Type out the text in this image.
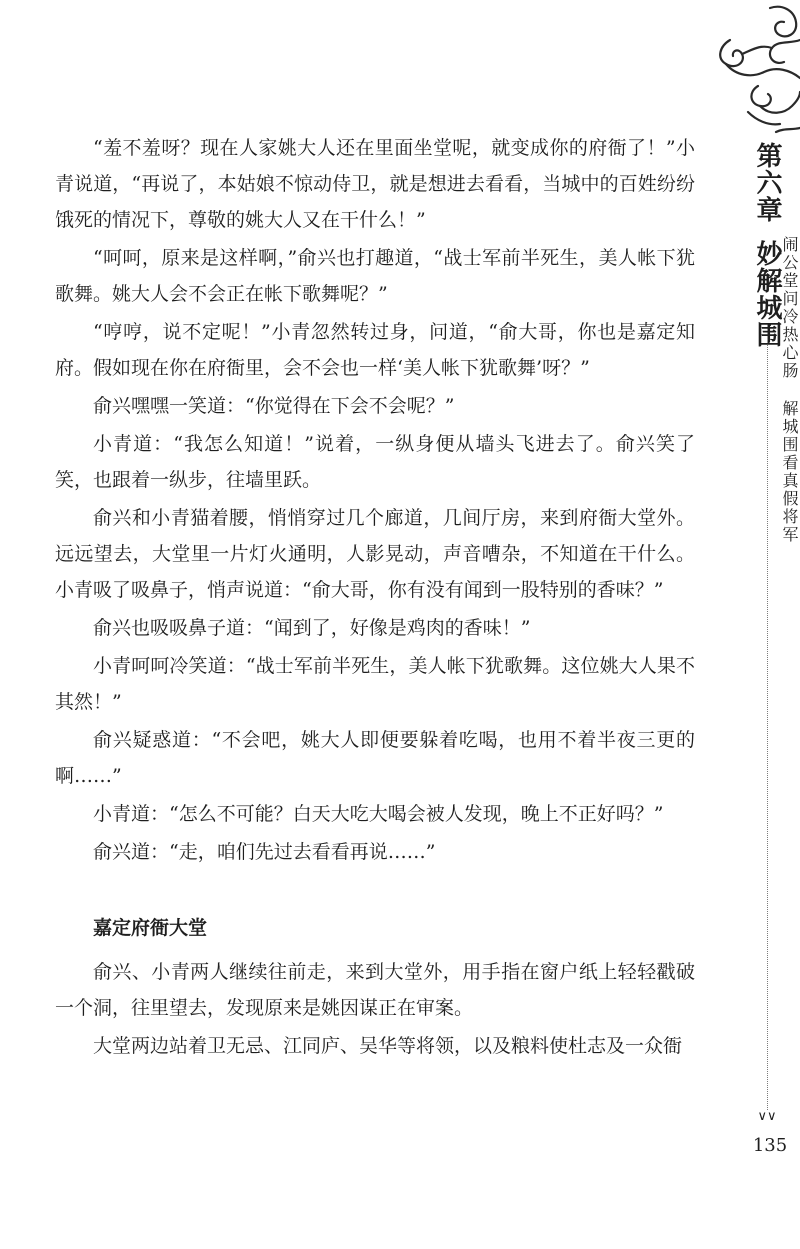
“羞不羞呀？现在人家姚大人还在里面坐堂呢，就变成你的府衙了！”小青说道，“再说了，本姑娘不惊动侍卫，就是想进去看看，当城中的百姓纷纷饿死的情况下，尊敬的姚大人又在干什么！”

“呵呵，原来是这样啊，”俞兴也打趣道，“战士军前半死生，美人帐下犹歌舞。姚大人会不会正在帐下歌舞呢？”

“哼哼，说不定呢！”小青忽然转过身，问道，“俞大哥，你也是嘉定知府。假如现在你在府衙里，会不会也一样‘美人帐下犹歌舞’呀？”

俞兴嘿嘿一笑道：“你觉得在下会不会呢？”

小青道：“我怎么知道！”说着，一纵身便从墙头飞进去了。俞兴笑了笑，也跟着一纵步，往墙里跃。

俞兴和小青猫着腰，悄悄穿过几个廊道，几间厅房，来到府衙大堂外。远远望去，大堂里一片灯火通明，人影晃动，声音嘈杂，不知道在干什么。小青吸了吸鼻子，悄声说道：“俞大哥，你有没有闻到一股特别的香味？”

俞兴也吸吸鼻子道：“闻到了，好像是鸡肉的香味！”

小青呵呵冷笑道：“战士军前半死生，美人帐下犹歌舞。这位姚大人果不其然！”

俞兴疑惑道：“不会吧，姚大人即便要躲着吃喝，也用不着半夜三更的啊……”

小青道：“怎么不可能？白天大吃大喝会被人发现，晚上不正好吗？”

俞兴道：“走，咱们先过去看看再说……”

嘉定府衙大堂

俞兴、小青两人继续往前走，来到大堂外，用手指在窗户纸上轻轻戳破一个洞，往里望去，发现原来是姚因谋正在审案。

大堂两边站着卫无忌、江同庐、吴华等将领，以及粮料使杜志及一众衙

第六章
妙解城围
闹公堂问冷热心肠
解城围看真假将军
∨∨
135
